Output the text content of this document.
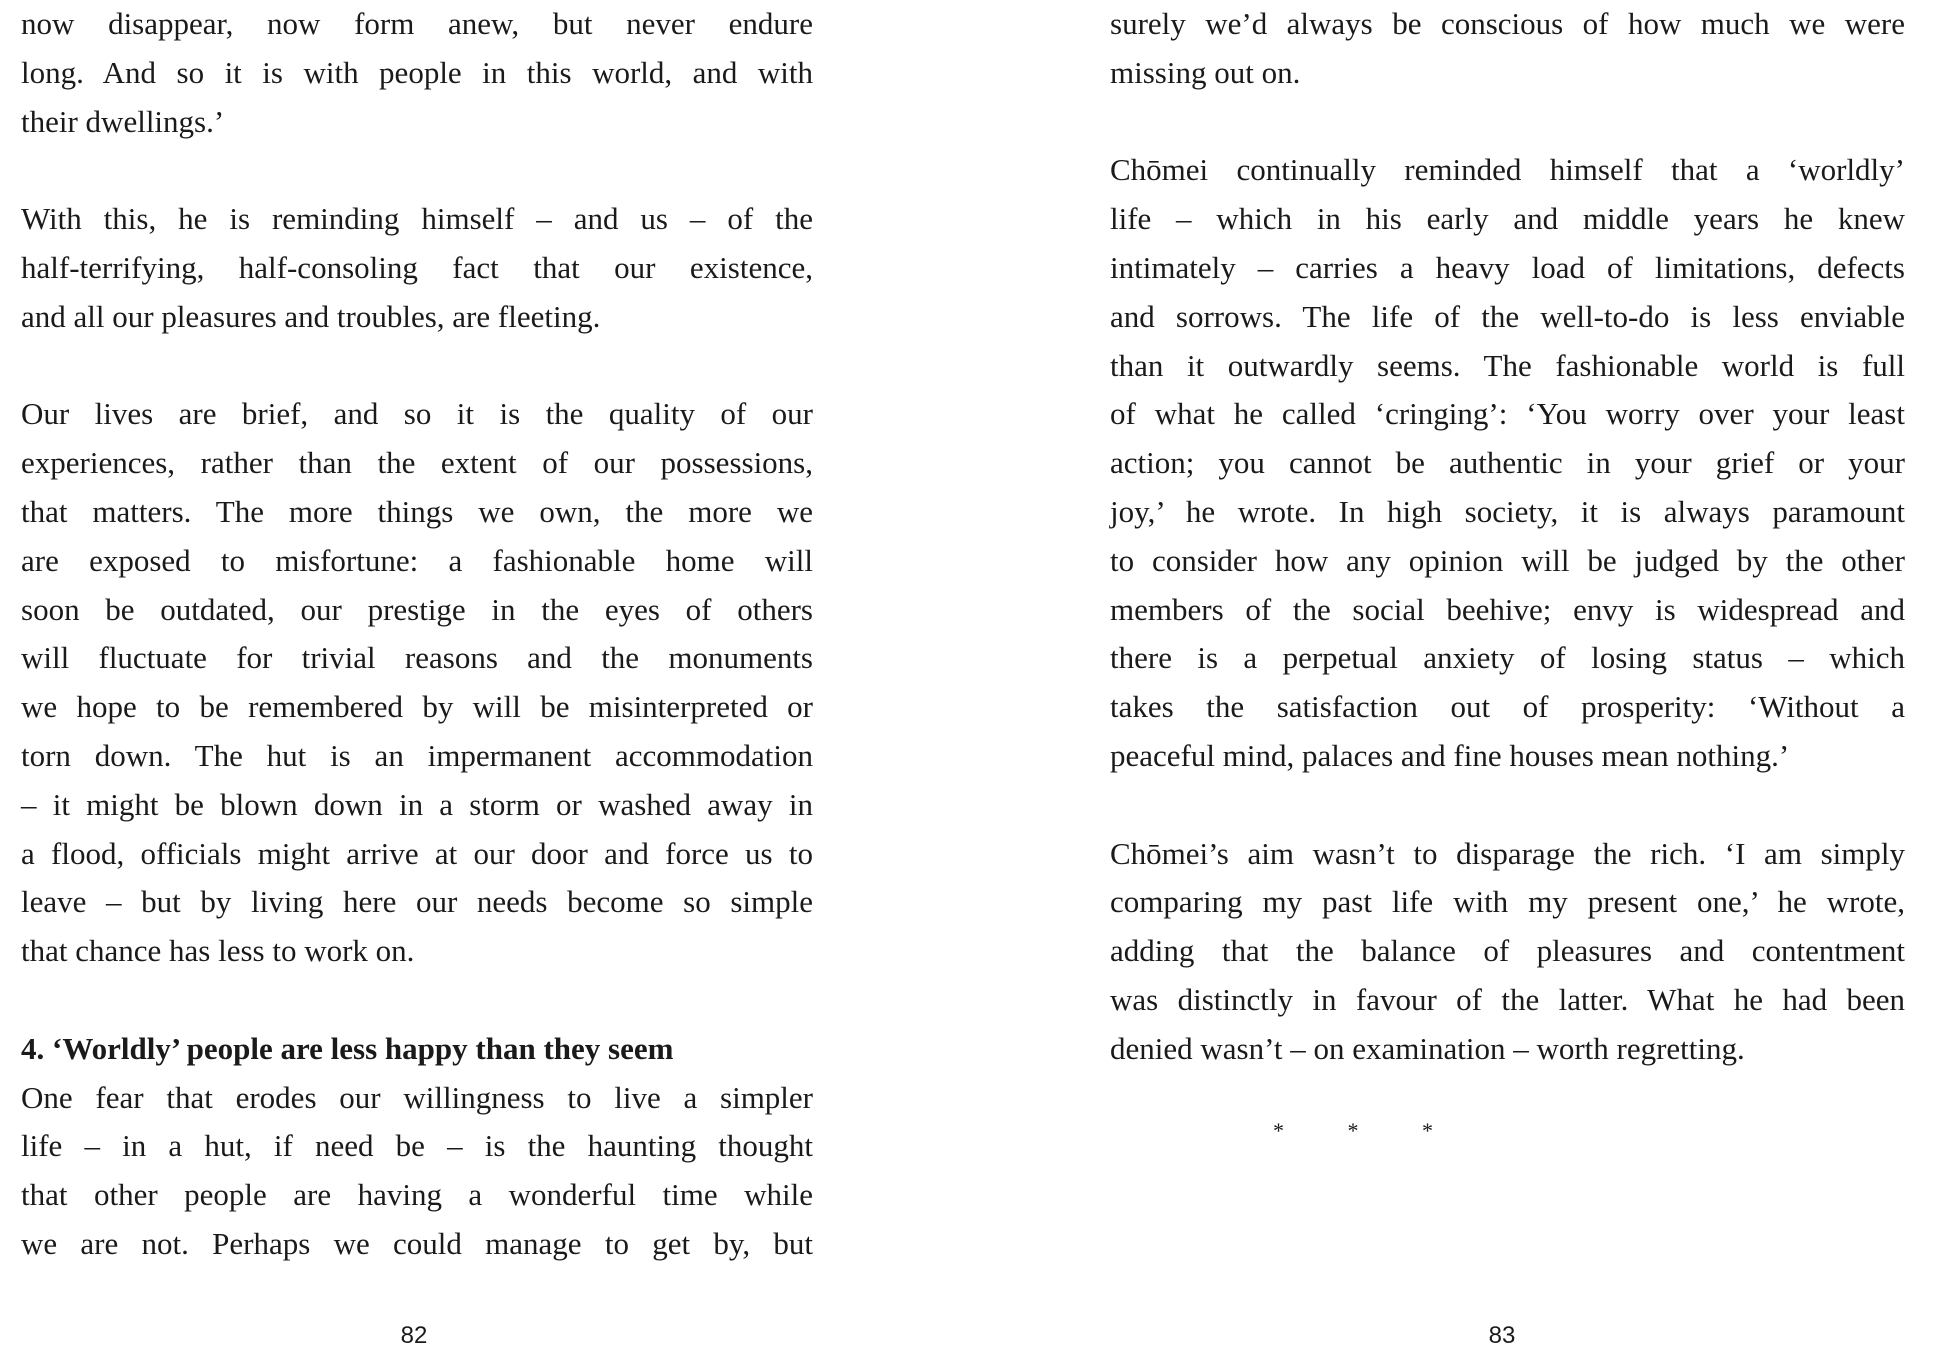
now disappear, now form anew, but never endure
long. And so it is with people in this world, and with
their dwellings.’

With this, he is reminding himself – and us – of the
half-terrifying, half-consoling fact that our existence,
and all our pleasures and troubles, are fleeting.

Our lives are brief, and so it is the quality of our
experiences, rather than the extent of our possessions,
that matters. The more things we own, the more we
are exposed to misfortune: a fashionable home will
soon be outdated, our prestige in the eyes of others
will fluctuate for trivial reasons and the monuments
we hope to be remembered by will be misinterpreted or
torn down. The hut is an impermanent accommodation
– it might be blown down in a storm or washed away in
a flood, officials might arrive at our door and force us to
leave – but by living here our needs become so simple
that chance has less to work on.

4. ‘Worldly’ people are less happy than they seem

One fear that erodes our willingness to live a simpler
life – in a hut, if need be – is the haunting thought
that other people are having a wonderful time while
we are not. Perhaps we could manage to get by, but

82

surely we’d always be conscious of how much we were
missing out on.

Chōmei continually reminded himself that a ‘worldly’
life – which in his early and middle years he knew
intimately – carries a heavy load of limitations, defects
and sorrows. The life of the well-to-do is less enviable
than it outwardly seems. The fashionable world is full
of what he called ‘cringing’: ‘You worry over your least
action; you cannot be authentic in your grief or your
joy,’ he wrote. In high society, it is always paramount
to consider how any opinion will be judged by the other
members of the social beehive; envy is widespread and
there is a perpetual anxiety of losing status – which
takes the satisfaction out of prosperity: ‘Without a
peaceful mind, palaces and fine houses mean nothing.’

Chōmei’s aim wasn’t to disparage the rich. ‘I am simply
comparing my past life with my present one,’ he wrote,
adding that the balance of pleasures and contentment
was distinctly in favour of the latter. What he had been
denied wasn’t – on examination – worth regretting.

*	*	*
83
